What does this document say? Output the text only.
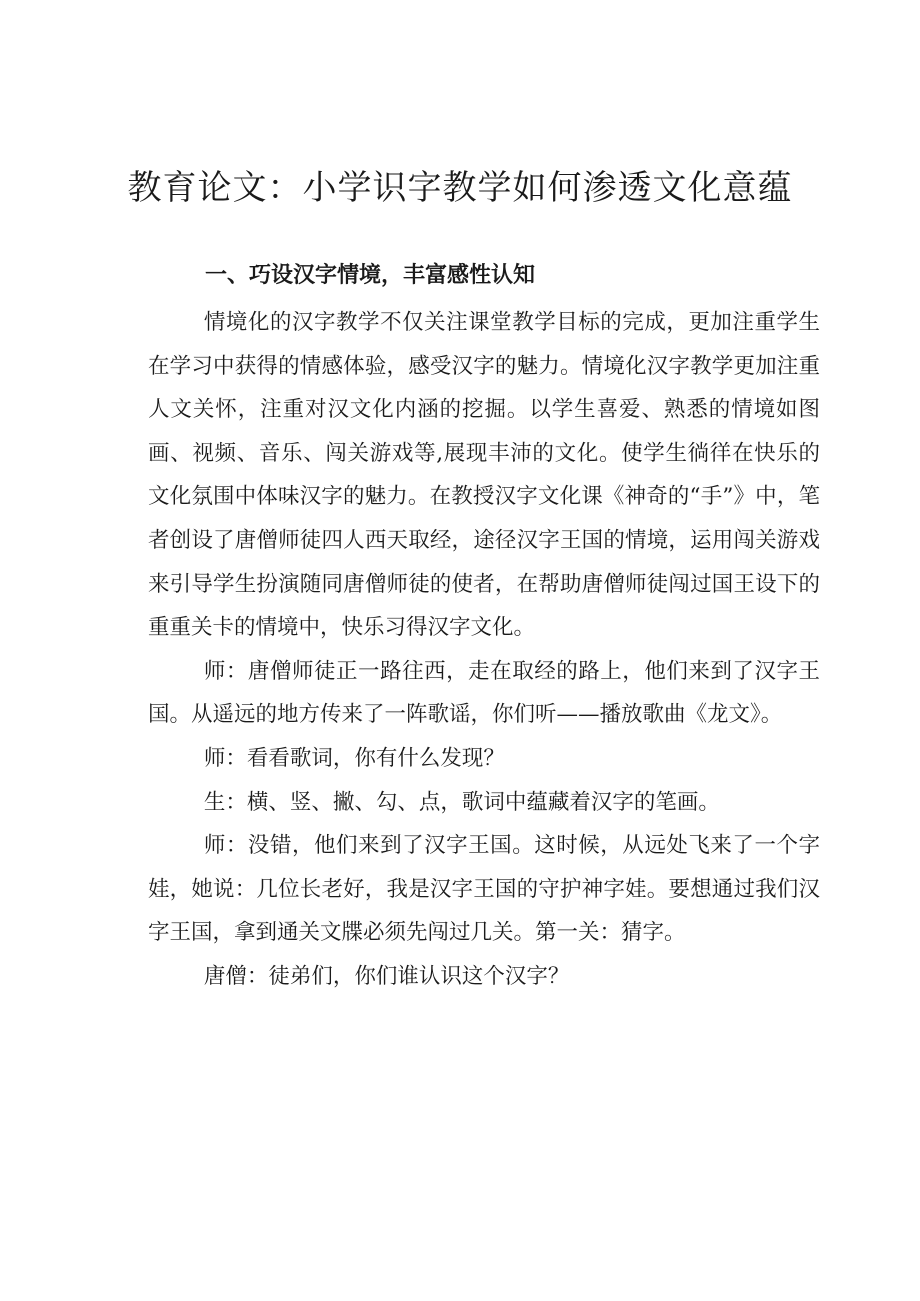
教育论文：小学识字教学如何渗透文化意蕴
一、巧设汉字情境，丰富感性认知

情境化的汉字教学不仅关注课堂教学目标的完成，更加注重学生在学习中获得的情感体验，感受汉字的魅力。情境化汉字教学更加注重人文关怀，注重对汉文化内涵的挖掘。以学生喜爱、熟悉的情境如图画、视频、音乐、闯关游戏等,展现丰沛的文化。使学生徜徉在快乐的文化氛围中体味汉字的魅力。在教授汉字文化课《神奇的“手”》中，笔者创设了唐僧师徒四人西天取经，途径汉字王国的情境，运用闯关游戏来引导学生扮演随同唐僧师徒的使者，在帮助唐僧师徒闯过国王设下的重重关卡的情境中，快乐习得汉字文化。

师：唐僧师徒正一路往西，走在取经的路上，他们来到了汉字王国。从遥远的地方传来了一阵歌谣，你们听——播放歌曲《龙文》。

师：看看歌词，你有什么发现？

生：横、竖、撇、勾、点，歌词中蕴藏着汉字的笔画。

师：没错，他们来到了汉字王国。这时候，从远处飞来了一个字娃，她说：几位长老好，我是汉字王国的守护神字娃。要想通过我们汉字王国，拿到通关文牒必须先闯过几关。第一关：猜字。

唐僧：徒弟们，你们谁认识这个汉字？
